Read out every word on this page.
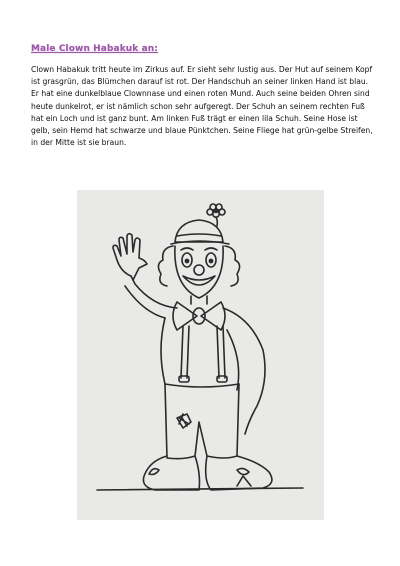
Male Clown Habakuk an:

Clown Habakuk tritt heute im Zirkus auf. Er sieht sehr lustig aus. Der Hut auf seinem Kopf ist grasgrün, das Blümchen darauf ist rot. Der Handschuh an seiner linken Hand ist blau. Er hat eine dunkelblaue Clownnase und einen roten Mund. Auch seine beiden Ohren sind heute dunkelrot, er ist nämlich schon sehr aufgeregt. Der Schuh an seinem rechten Fuß hat ein Loch und ist ganz bunt. Am linken Fuß trägt er einen lila Schuh. Seine Hose ist gelb, sein Hemd hat schwarze und blaue Pünktchen. Seine Fliege hat grün-gelbe Streifen, in der Mitte ist sie braun.
